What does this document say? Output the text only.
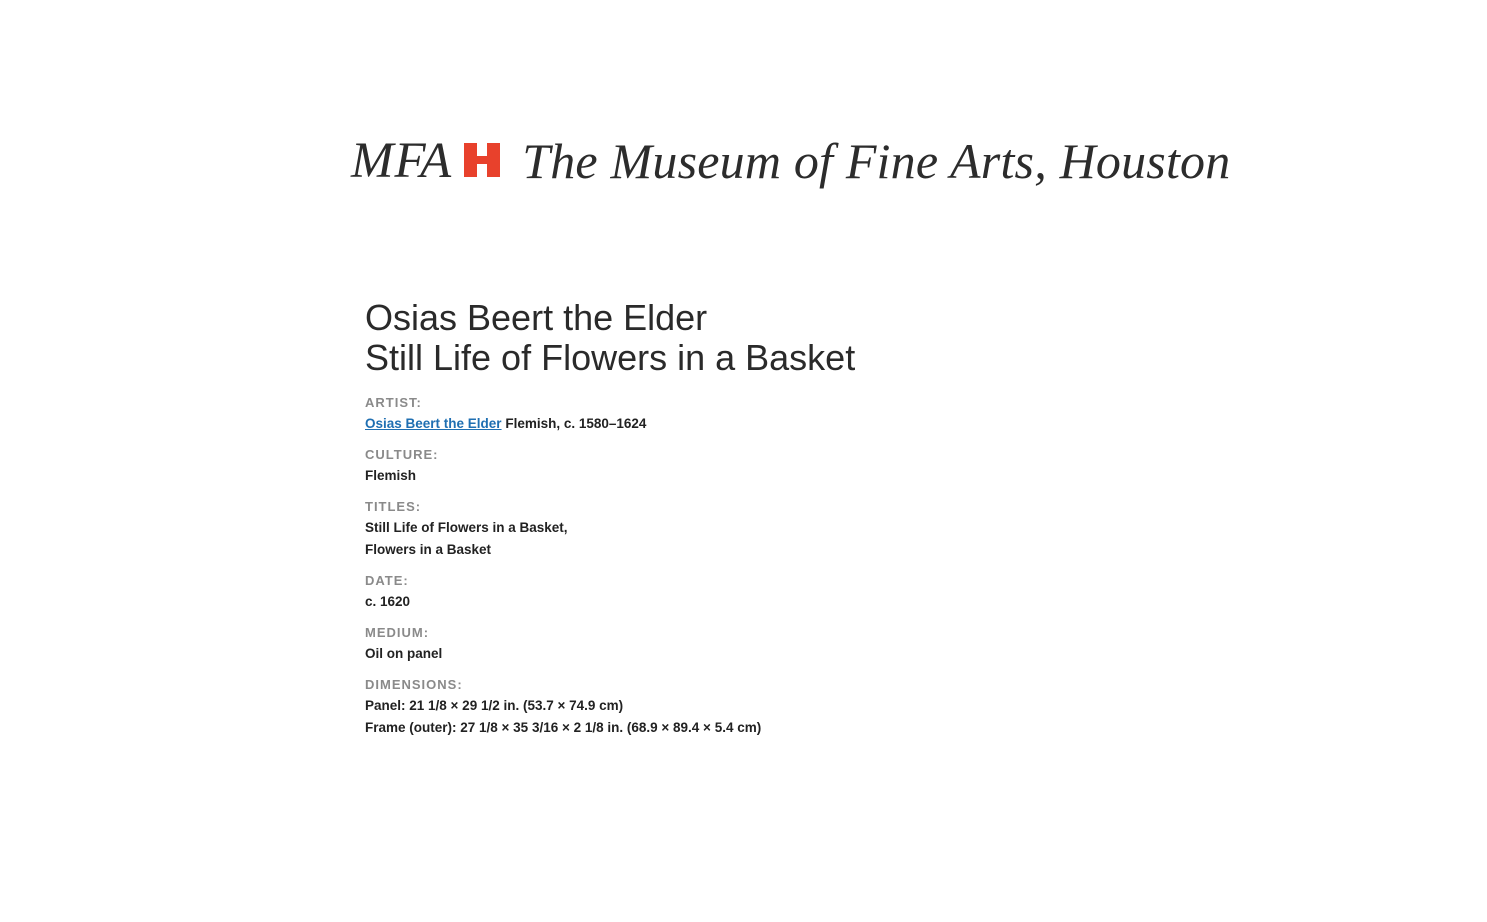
MFA The Museum of Fine Arts, Houston
Osias Beert the Elder
Still Life of Flowers in a Basket
ARTIST:
Osias Beert the Elder Flemish, c. 1580–1624
CULTURE:
Flemish
TITLES:
Still Life of Flowers in a Basket,
Flowers in a Basket
DATE:
c. 1620
MEDIUM:
Oil on panel
DIMENSIONS:
Panel: 21 1/8 × 29 1/2 in. (53.7 × 74.9 cm)
Frame (outer): 27 1/8 × 35 3/16 × 2 1/8 in. (68.9 × 89.4 × 5.4 cm)
